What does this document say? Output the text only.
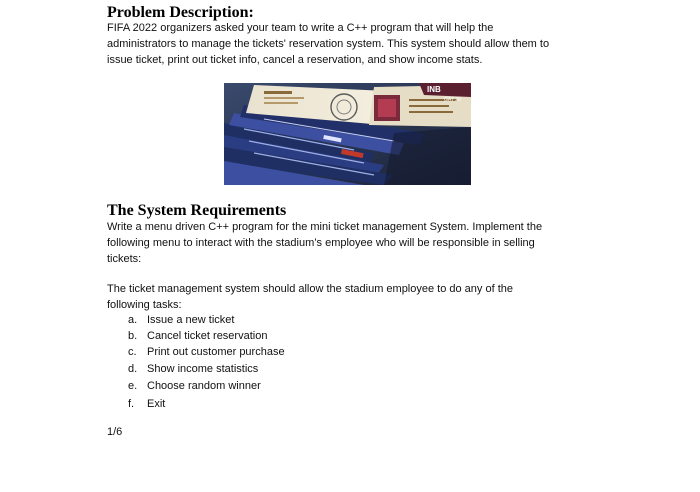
Problem Description:
FIFA 2022 organizers asked your team to write a C++ program that will help the
administrators to manage the tickets' reservation system. This system should allow them to
issue ticket, print out ticket info, cancel a reservation, and show income stats.
INB
GAT 20
The System Requirements
Write a menu driven C++ program for the mini ticket management System. Implement the
following menu to interact with the stadium’s employee who will be responsible in selling
tickets:
The ticket management system should allow the stadium employee to do any of the
following tasks:
a. Issue a new ticket
b. Cancel ticket reservation
c. Print out customer purchase
d. Show income statistics
e. Choose random winner
f. Exit
1/6
